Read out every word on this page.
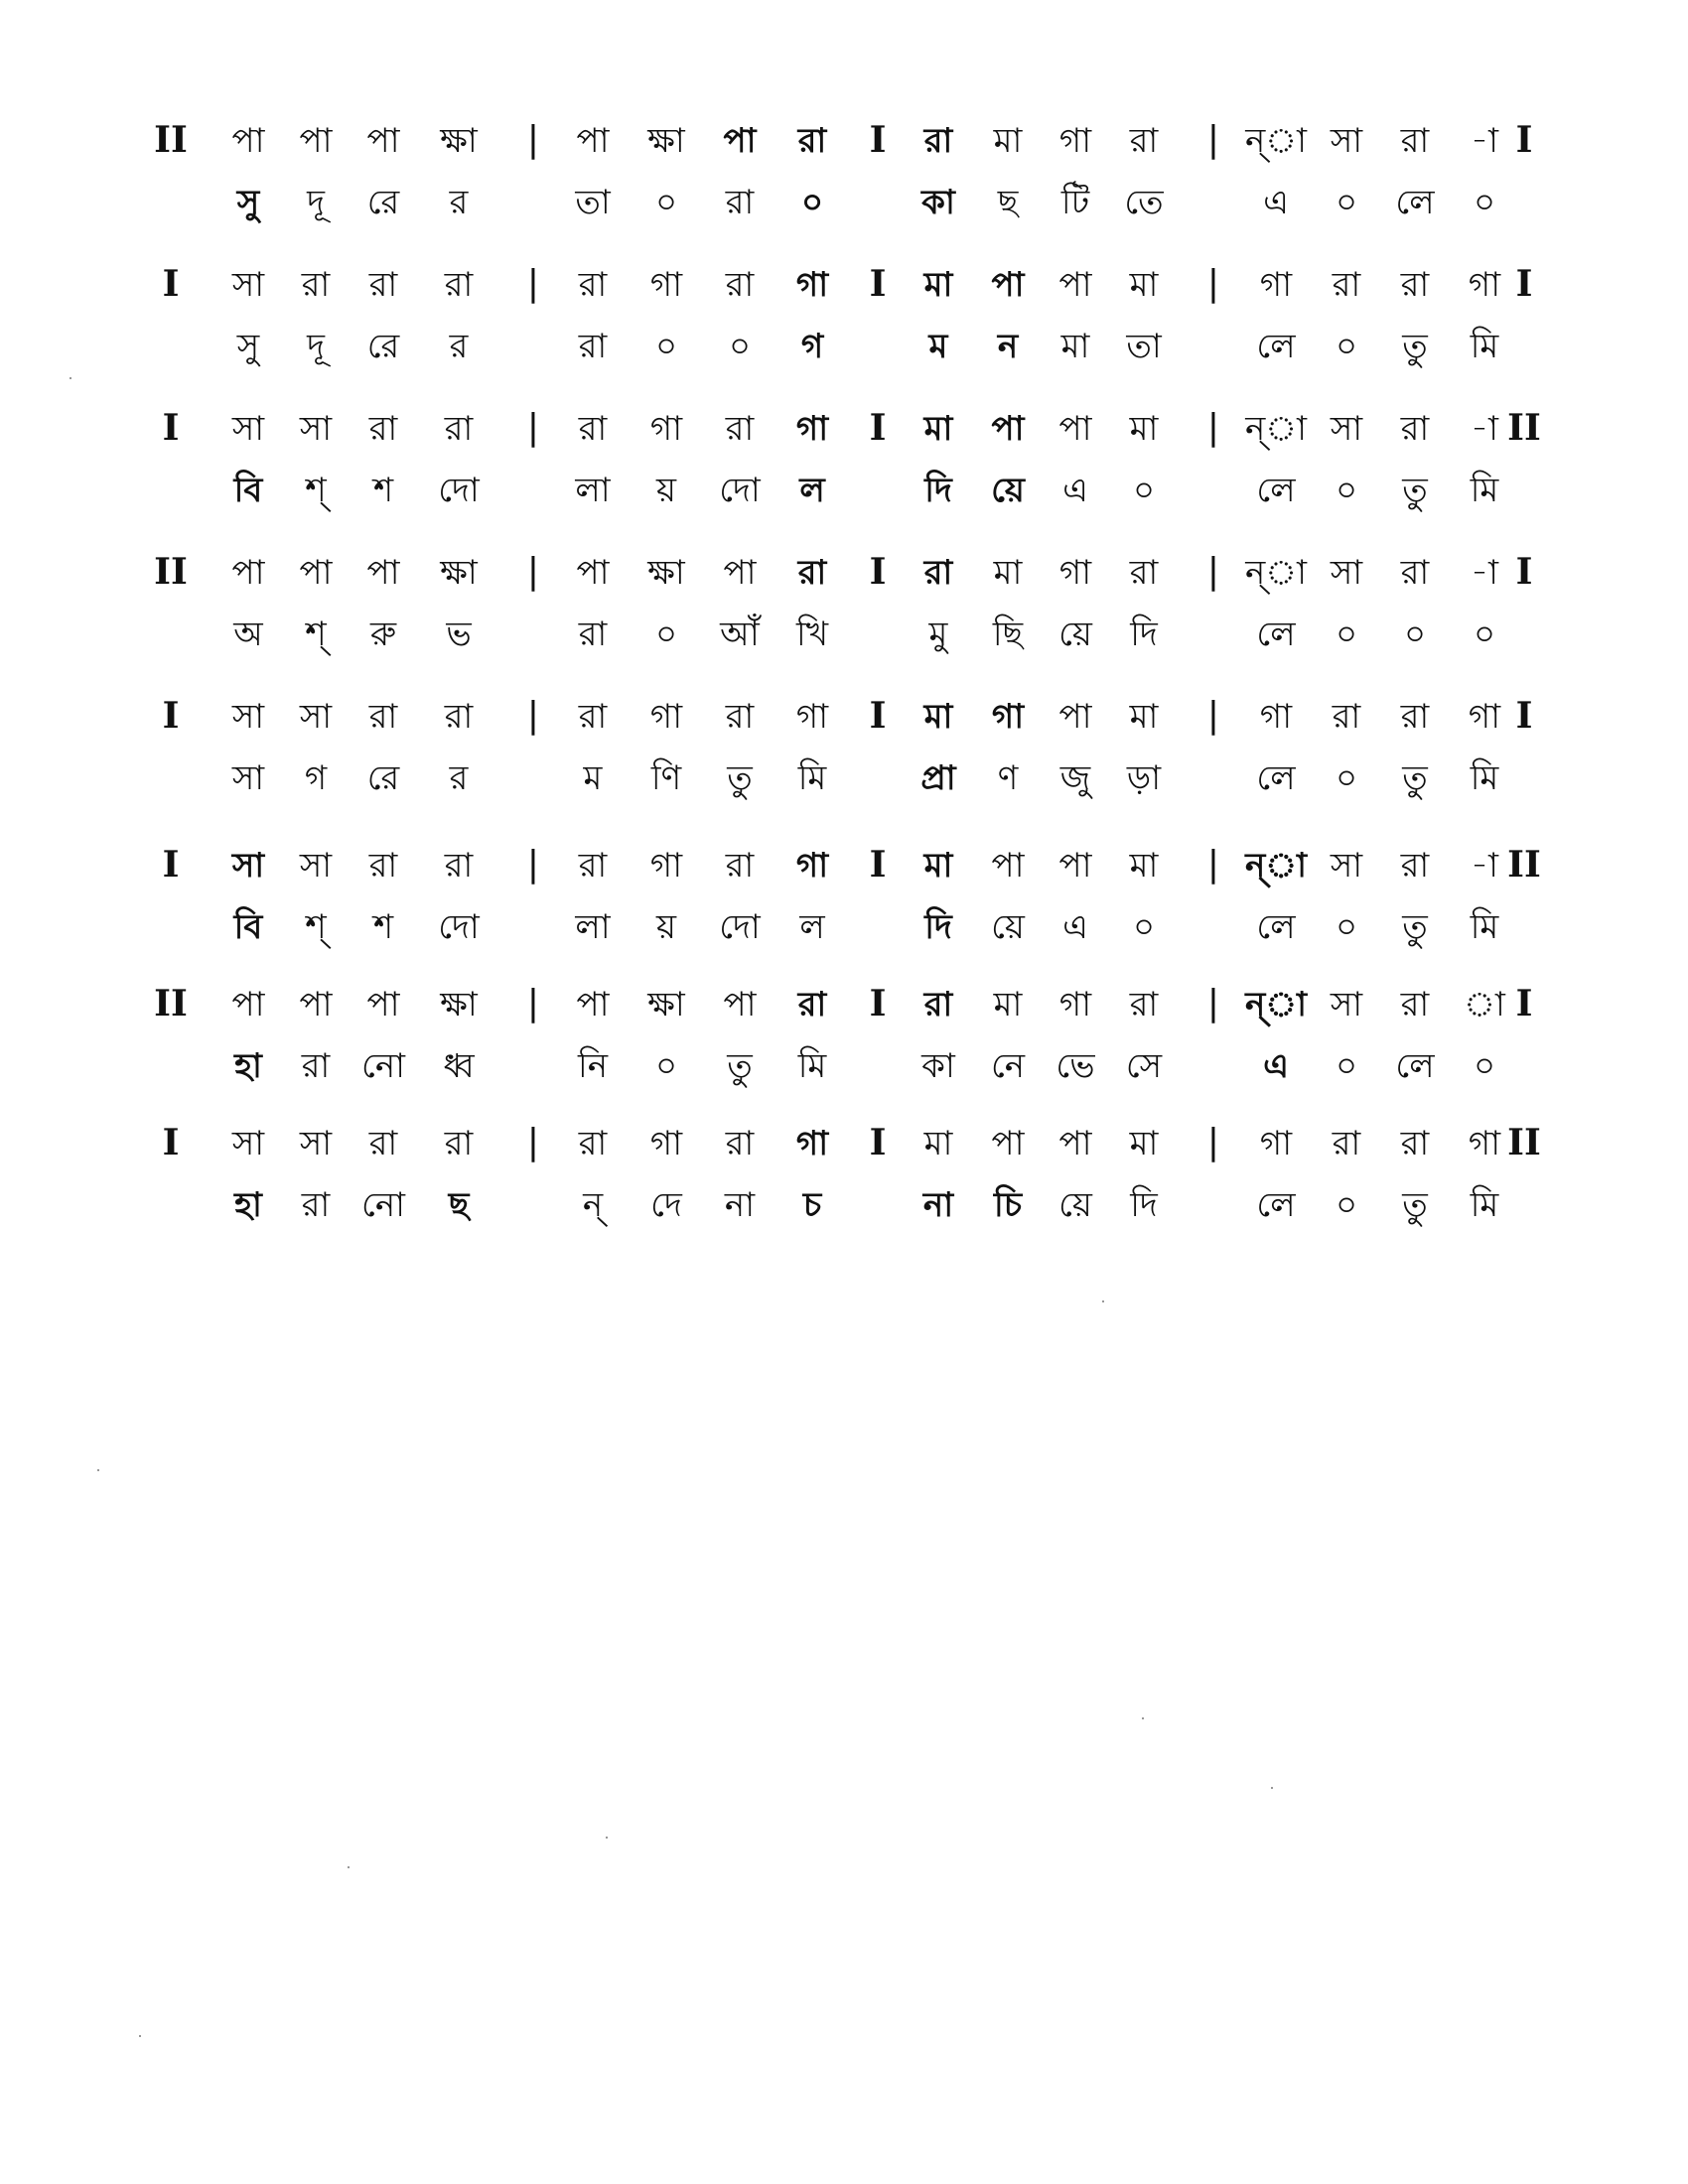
II পা পা পা ক্ষা | পা ক্ষা পা রা I রা মা গা রা | ন্‌া সা রা -া I
সু দূ রে র	তা ০ রা ০	কা ছ টি তে	এ ০ লে ০
I সা রা রা রা | রা গা রা গা I মা পা পা মা | গা রা রা গা I
সু দূ রে র	রা ০ ০ গ	ম ন মা তা	লে ০ তু মি
I সা সা রা রা | রা গা রা গা I মা পা পা মা | ন্‌া সা রা -া II
বি শ্‌ শ দো	লা য় দো ল	দি য়ে এ ০	লে ০ তু মি
II পা পা পা ক্ষা | পা ক্ষা পা রা I রা মা গা রা | ন্‌া সা রা -া I
অ শ্‌ রু ভ	রা ০ আঁ খি	মু ছি য়ে দি	লে ০ ০ ০
I সা সা রা রা | রা গা রা গা I মা গা পা মা | গা রা রা গা I
সা গ রে র	ম ণি তু মি	প্রা ণ জু ড়া	লে ০ তু মি
I সা সা রা রা | রা গা রা গা I মা পা পা মা | ন্‌া সা রা -া II
বি শ্‌ শ দো	লা য় দো ল	দি য়ে এ ০	লে ০ তু মি
II পা পা পা ক্ষা | পা ক্ষা পা রা I রা মা গা রা | ন্‌া সা রা া I
হা রা নো ধ্ব	নি ০ তু মি	কা নে ভে সে	এ ০ লে ০
I সা সা রা রা | রা গা রা গা I মা পা পা মা | গা রা রা গা II
হা রা নো ছ	ন্‌ দে না চ	না চি য়ে দি	লে ০ তু মি
